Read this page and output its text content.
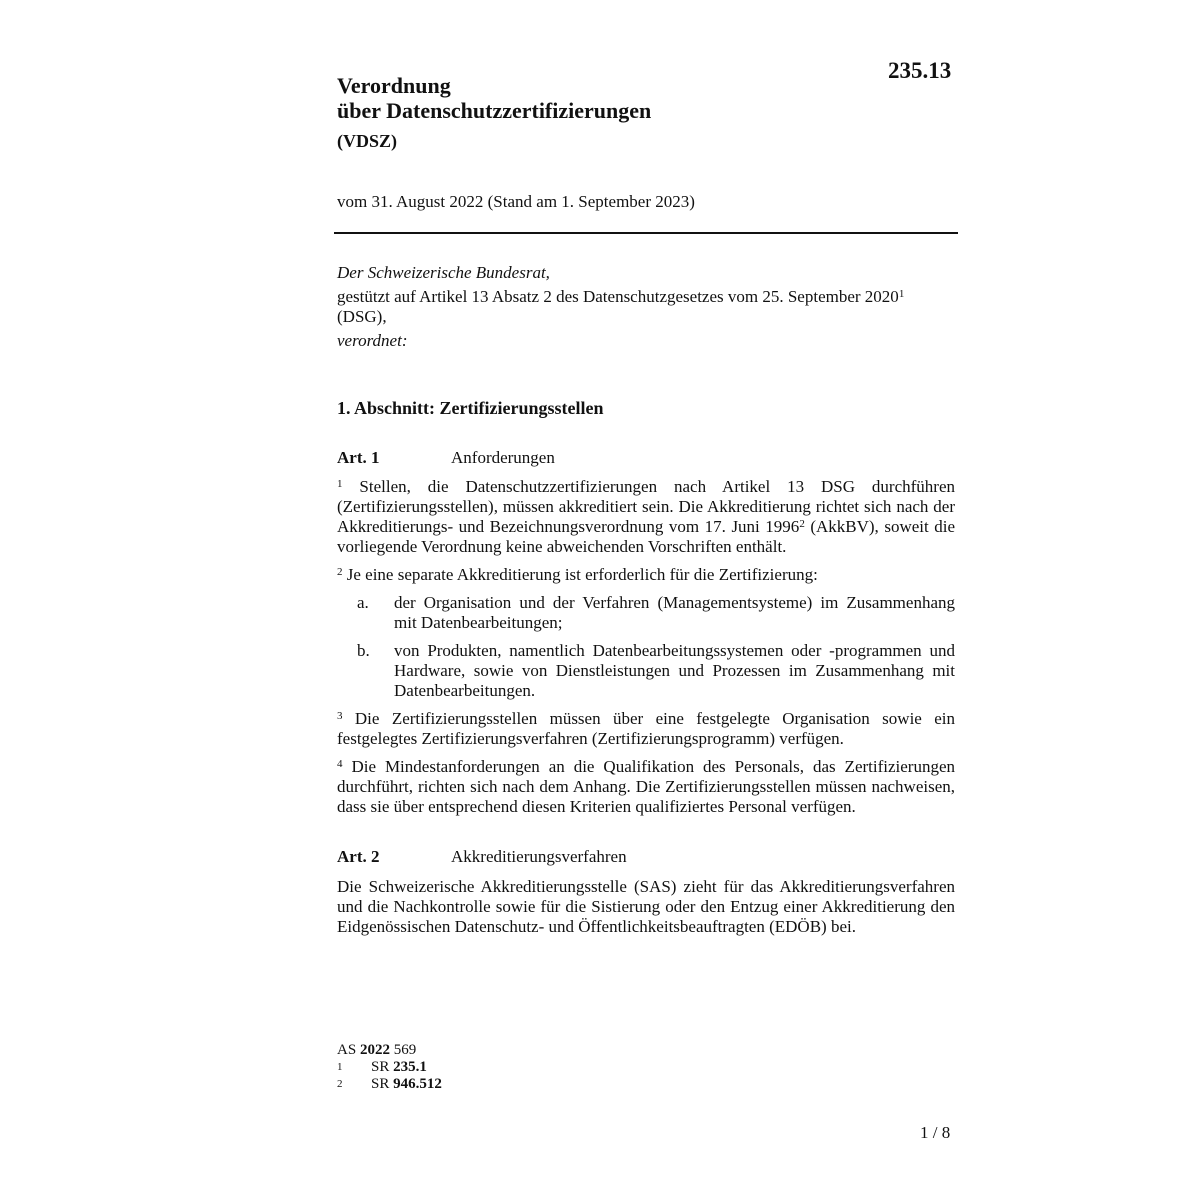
235.13
Verordnung
über Datenschutzzertifizierungen
(VDSZ)
vom 31. August 2022 (Stand am 1. September 2023)

Der Schweizerische Bundesrat,

gestützt auf Artikel 13 Absatz 2 des Datenschutzgesetzes vom 25. September 2020$^1$

(DSG),

verordnet:

1. Abschnitt: Zertifizierungsstellen
Art. 1	Anforderungen

$^1$ Stellen, die Datenschutzzertifizierungen nach Artikel 13 DSG durchführen (Zertifizierungsstellen), müssen akkreditiert sein. Die Akkreditierung richtet sich nach der Akkreditierungs- und Bezeichnungsverordnung vom 17. Juni 1996$^2$ (AkkBV), soweit die vorliegende Verordnung keine abweichenden Vorschriften enthält.

$^2$ Je eine separate Akkreditierung ist erforderlich für die Zertifizierung:

a.	der Organisation und der Verfahren (Managementsysteme) im Zusammenhang mit Datenbearbeitungen;
b.	von Produkten, namentlich Datenbearbeitungssystemen oder -programmen und Hardware, sowie von Dienstleistungen und Prozessen im Zusammenhang mit Datenbearbeitungen.

$^3$ Die Zertifizierungsstellen müssen über eine festgelegte Organisation sowie ein festgelegtes Zertifizierungsverfahren (Zertifizierungsprogramm) verfügen.

$^4$ Die Mindestanforderungen an die Qualifikation des Personals, das Zertifizierungen durchführt, richten sich nach dem Anhang. Die Zertifizierungsstellen müssen nachweisen, dass sie über entsprechend diesen Kriterien qualifiziertes Personal verfügen.

Art. 2	Akkreditierungsverfahren

Die Schweizerische Akkreditierungsstelle (SAS) zieht für das Akkreditierungsverfahren und die Nachkontrolle sowie für die Sistierung oder den Entzug einer Akkreditierung den Eidgenössischen Datenschutz- und Öffentlichkeitsbeauftragten (EDÖB) bei.

AS 2022 569
1	SR 235.1
2	SR 946.512
1 / 8
